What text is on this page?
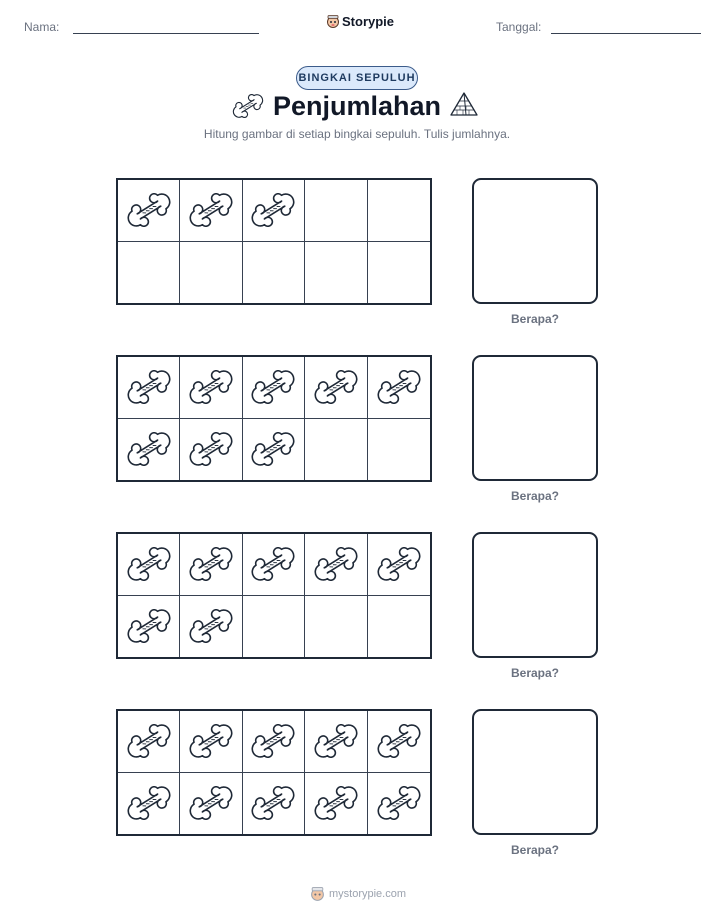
Nama:	Storypie	Tanggal:
BINGKAI SEPULUH
Penjumlahan
Hitung gambar di setiap bingkai sepuluh. Tulis jumlahnya.
Berapa?
Berapa?
Berapa?
Berapa?
mystorypie.com
